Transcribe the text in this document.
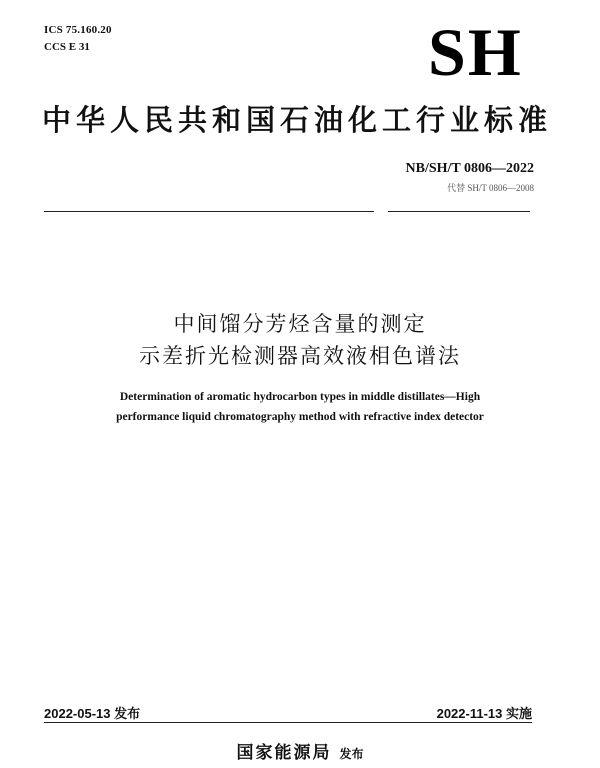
ICS 75.160.20
CCS E 31	SH
中华人民共和国石油化工行业标准
NB/SH/T 0806—2022
代替 SH/T 0806—2008
中间馏分芳烃含量的测定
示差折光检测器高效液相色谱法
Determination of aromatic hydrocarbon types in middle distillates—High
performance liquid chromatography method with refractive index detector
2022-05-13 发布	2022-11-13 实施
国家能源局 发布
